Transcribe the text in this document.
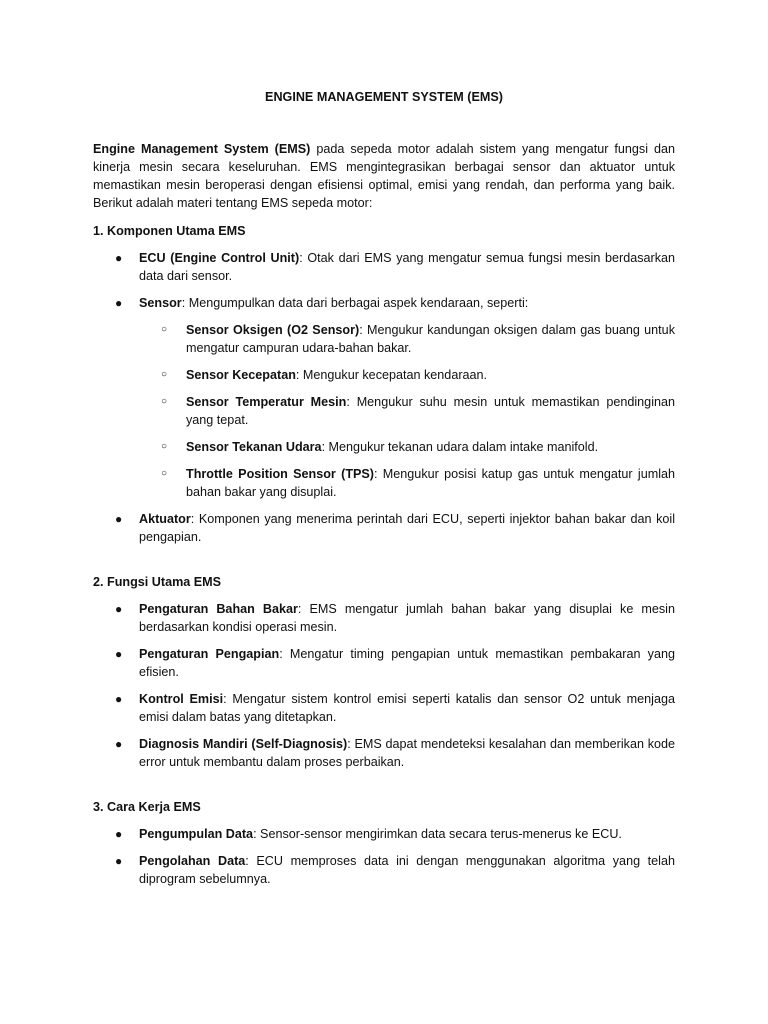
ENGINE MANAGEMENT SYSTEM (EMS)

Engine Management System (EMS) pada sepeda motor adalah sistem yang mengatur fungsi dan kinerja mesin secara keseluruhan. EMS mengintegrasikan berbagai sensor dan aktuator untuk memastikan mesin beroperasi dengan efisiensi optimal, emisi yang rendah, dan performa yang baik. Berikut adalah materi tentang EMS sepeda motor:

1. Komponen Utama EMS
● ECU (Engine Control Unit): Otak dari EMS yang mengatur semua fungsi mesin berdasarkan data dari sensor.
● Sensor: Mengumpulkan data dari berbagai aspek kendaraan, seperti:
○ Sensor Oksigen (O2 Sensor): Mengukur kandungan oksigen dalam gas buang untuk mengatur campuran udara-bahan bakar.
○ Sensor Kecepatan: Mengukur kecepatan kendaraan.
○ Sensor Temperatur Mesin: Mengukur suhu mesin untuk memastikan pendinginan yang tepat.
○ Sensor Tekanan Udara: Mengukur tekanan udara dalam intake manifold.
○ Throttle Position Sensor (TPS): Mengukur posisi katup gas untuk mengatur jumlah bahan bakar yang disuplai.
● Aktuator: Komponen yang menerima perintah dari ECU, seperti injektor bahan bakar dan koil pengapian.
2. Fungsi Utama EMS
● Pengaturan Bahan Bakar: EMS mengatur jumlah bahan bakar yang disuplai ke mesin berdasarkan kondisi operasi mesin.
● Pengaturan Pengapian: Mengatur timing pengapian untuk memastikan pembakaran yang efisien.
● Kontrol Emisi: Mengatur sistem kontrol emisi seperti katalis dan sensor O2 untuk menjaga emisi dalam batas yang ditetapkan.
● Diagnosis Mandiri (Self-Diagnosis): EMS dapat mendeteksi kesalahan dan memberikan kode error untuk membantu dalam proses perbaikan.
3. Cara Kerja EMS
● Pengumpulan Data: Sensor-sensor mengirimkan data secara terus-menerus ke ECU.
● Pengolahan Data: ECU memproses data ini dengan menggunakan algoritma yang telah diprogram sebelumnya.
